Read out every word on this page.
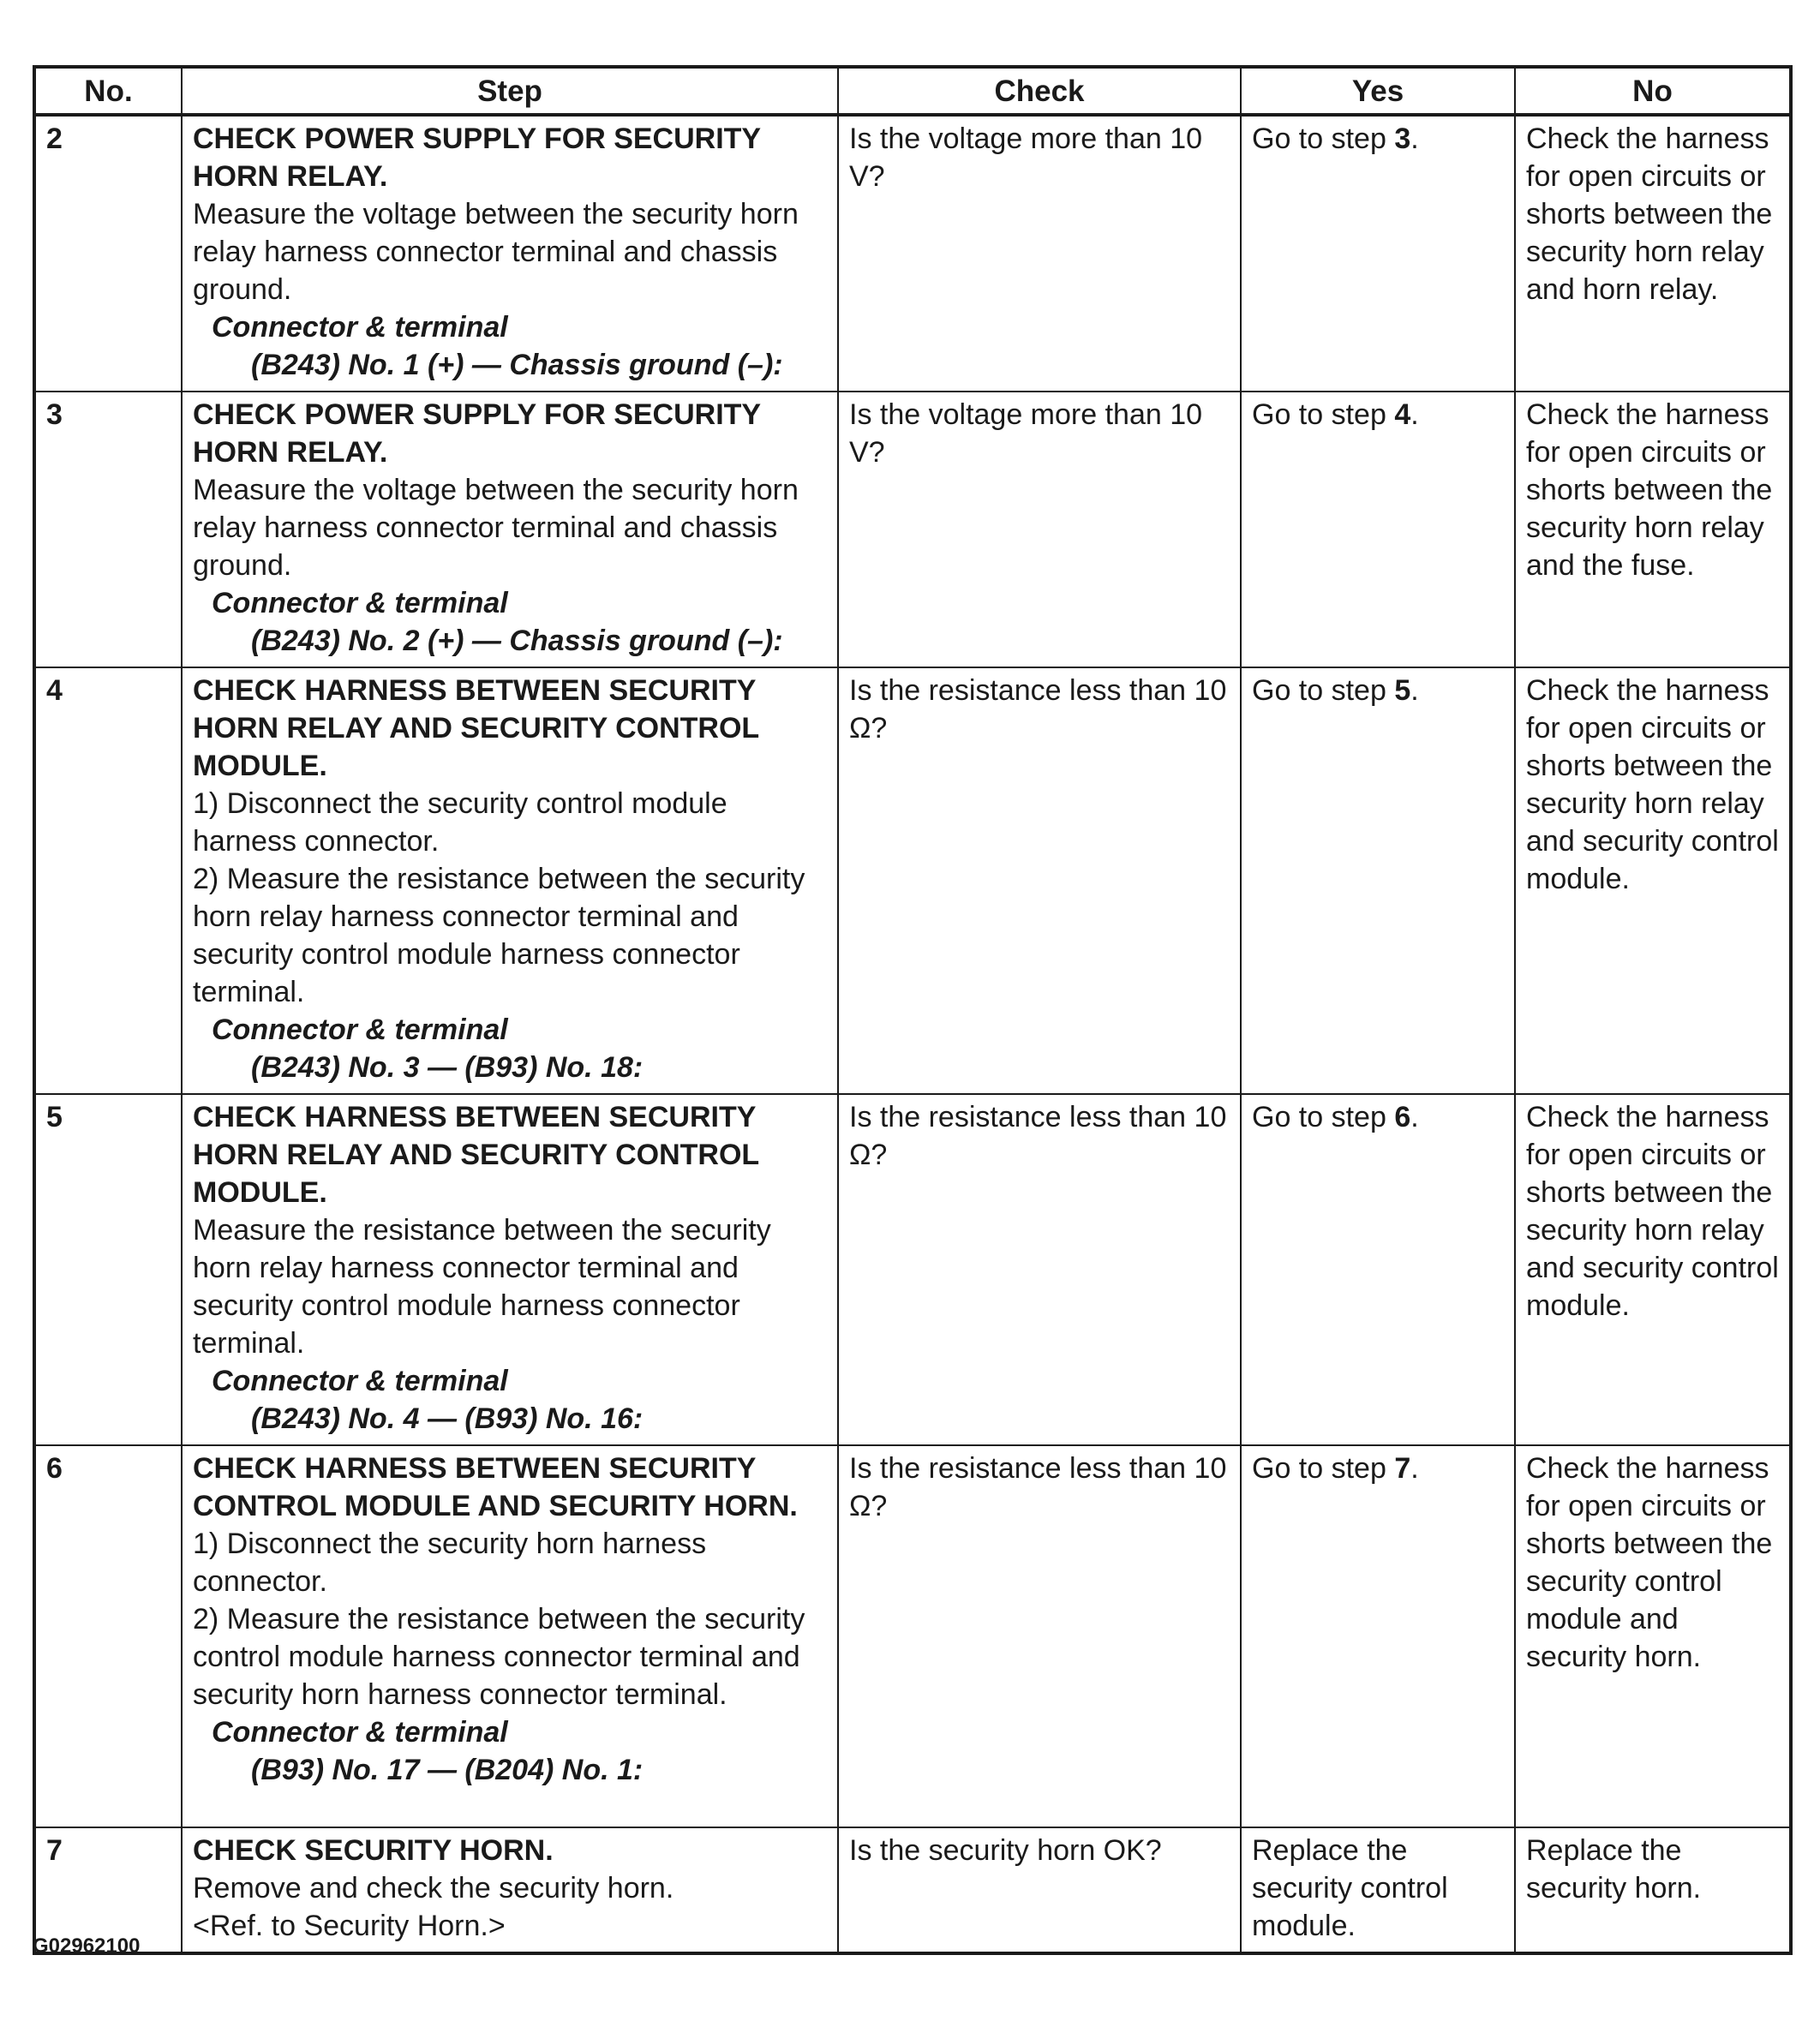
No.	Step	Check	Yes	No
2	CHECK POWER SUPPLY FOR SECURITY HORN RELAY.
Measure the voltage between the security horn relay harness connector terminal and chassis ground.
Connector & terminal
(B243) No. 1 (+) — Chassis ground (–):	Is the voltage more than 10 V?	Go to step 3.	Check the harness for open circuits or shorts between the security horn relay and horn relay.
3	CHECK POWER SUPPLY FOR SECURITY HORN RELAY.
Measure the voltage between the security horn relay harness connector terminal and chassis ground.
Connector & terminal
(B243) No. 2 (+) — Chassis ground (–):	Is the voltage more than 10 V?	Go to step 4.	Check the harness for open circuits or shorts between the security horn relay and the fuse.
4	CHECK HARNESS BETWEEN SECURITY HORN RELAY AND SECURITY CONTROL MODULE.
1) Disconnect the security control module harness connector.
2) Measure the resistance between the security horn relay harness connector terminal and security control module harness connector terminal.
Connector & terminal
(B243) No. 3 — (B93) No. 18:	Is the resistance less than 10 Ω?	Go to step 5.	Check the harness for open circuits or shorts between the security horn relay and security control module.
5	CHECK HARNESS BETWEEN SECURITY HORN RELAY AND SECURITY CONTROL MODULE.
Measure the resistance between the security horn relay harness connector terminal and security control module harness connector terminal.
Connector & terminal
(B243) No. 4 — (B93) No. 16:	Is the resistance less than 10 Ω?	Go to step 6.	Check the harness for open circuits or shorts between the security horn relay and security control module.
6	CHECK HARNESS BETWEEN SECURITY CONTROL MODULE AND SECURITY HORN.
1) Disconnect the security horn harness connector.
2) Measure the resistance between the security control module harness connector terminal and security horn harness connector terminal.
Connector & terminal
(B93) No. 17 — (B204) No. 1:	Is the resistance less than 10 Ω?	Go to step 7.	Check the harness for open circuits or shorts between the security control module and security horn.
7	CHECK SECURITY HORN.
Remove and check the security horn.
<Ref. to Security Horn.>	Is the security horn OK?	Replace the security control module.	Replace the security horn.
G02962100
